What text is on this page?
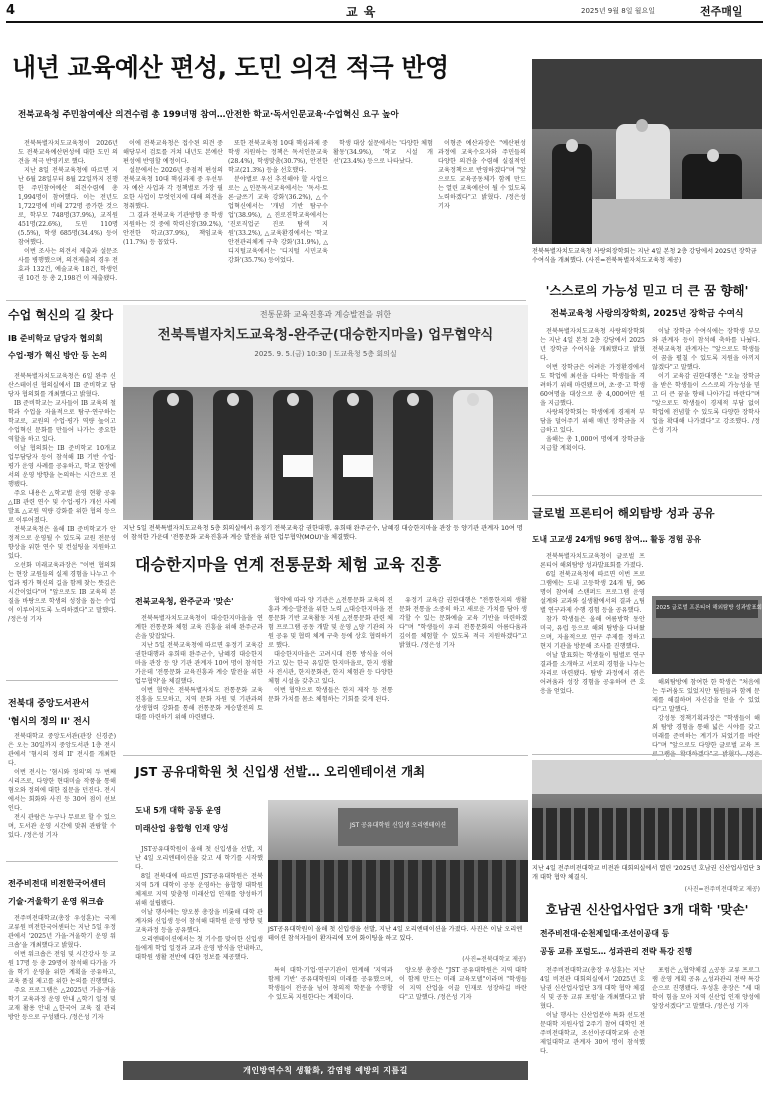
4	교 육	2025년 9월 8일 월요일	전주매일
내년 교육예산 편성, 도민 의견 적극 반영
전북교육청 주민참여예산 의견수렴 총 199녀명 참여…안전한 학교·독서인문교육·수업혁신 요구 높아

전북특별자치도교육청이 2026년도 전북교육예산편성에 대한 도민 의견을 적극 반영키로 했다.

지난 8일 전북교육청에 따르면 지난 6월 28일부터 8월 22일까지 진행한 주민참여예산 의견수렴에 총 1,994명이 참여했다. 이는 전년도 1,722명에 비해 272명 증가한 것으로, 학부모 748명(37.9%), 교직원 451명(22.6%), 도민 110명(5.5%), 학생 685명(34.4%) 등이 참여했다.

이번 조사는 의견서 제출과 설문조사를 병행했으며, 의견제출의 경우 전효과 132건, 예술교육 18건, 학생인권 10건 등 총 2,198건 이 제출됐다.

이에 전북교육청은 접수된 의견 중 해당부서 검토를 거쳐 내년도 본예산 편성에 반영할 예정이다.

설문에서는 2026년 중점적 편성의 전북교육청 10대 핵심과제 중 우선투자 예산 사업과 각 정책별로 가장 필요한 사업이 무엇인지에 대해 의견을 청취했다.

그 결과 전북교육 기관방향 중 학생 지원하는 것 중에 학력신장(39.2%), 안전한 학교(37.9%), 책임교육(11.7%) 등 꼽았다.

또한 전북교육청 10대 핵심과제 중 학생 지원하는 정책은 독서인문교육(28.4%), 학생맞춤(30.7%), 안전한 학교(21.3%) 등을 선호했다.

분야별로 우선 추진해야 할 사업으로는 △인문독서교육에서는 '독서·토론·글쓰기 교육 강화'(36.2%), △수업혁신에서는 '개념 기반 탐구수업'(38.9%), △진로진학교육에서는 '진로직업군 진로 탐색 지원'(33.2%), △교육환경에서는 '학교 안전관리체계 구축 강화'(31.9%), △디지털교육에서는 '디지털 시민교육 강화'(35.7%) 등이었다.

학생 대상 설문에서는 '다양한 체험활동'(34.9%), '학교 시설 개선'(23.4%) 등으로 나타났다.

이형준 예산과장은 "예산편성 과정에 교육수요자와 주민들의 다양한 의견을 수렴해 실질적인 교육정책으로 반영하겠다"며 "앞으로도 교육공동체가 함께 만드는 열린 교육예산이 될 수 있도록 노력하겠다"고 밝혔다. /정은성 기자

전북특별자치도교육청 사랑의장학회는 지난 4일 본청 2층 강당에서 2025년 장학금 수여식을 개최했다. (사진=전북특별자치도교육청 제공)
'스스로의 가능성 믿고 더 큰 꿈 향해'
전북교육청 사랑의장학회, 2025년 장학금 수여식

전북특별자치도교육청 사랑의장학회는 지난 4일 본청 2층 강당에서 2025년 장학금 수여식을 개최했다고 밝혔다.

이번 장학금은 어려운 가정환경에서도 학업에 최선을 다하는 학생들을 격려하기 위해 마련됐으며, 초·중·고 학생 60여명을 대상으로 총 4,000여만 원을 지급했다.

사랑의장학회는 학생에게 경제적 부담을 덜어주기 위해 매년 장학금을 지급하고 있다.

올해는 총 1,000여 명에게 장학금을 지급할 계획이다.

이날 장학금 수여식에는 장학생 부모와 관계자 등이 참석해 축하를 나눴다. 전북교육청 관계자는 "앞으로도 학생들이 꿈을 펼칠 수 있도록 지원을 아끼지 않겠다"고 말했다.

이기 교육감 권한대행은 "오늘 장학금을 받은 학생들이 스스로의 가능성을 믿고 더 큰 꿈을 향해 나아가길 바란다"며 "앞으로도 학생들이 경제적 부담 없이 학업에 전념할 수 있도록 다양한 장학사업을 확대해 나가겠다"고 강조했다. /정은성 기자

수업 혁신의 길 찾다
IB 준비학교 담당자 협의회
수업·평가 혁신 방안 등 논의

전북특별자치도교육청은 6일 완주 신산스테이션 협의실에서 IB 준비학교 담당자 협의회를 개최했다고 밝혔다.

IB 준비학교는 교사들이 IB 교육의 철학과 수업을 자율적으로 탐구·연구하는 학교로, 교원의 수업·평가 역량 높이고 수업혁신 문화를 만들어 나가는 중요한 역할을 하고 있다.

이날 협의회는 IB 준비학교 10개교 업무담당자 등이 참석해 IB 기반 수업·평가 운영 사례를 공유하고, 학교 현장에서의 운영 방향을 논의하는 시간으로 진행됐다.

주요 내용은 △학교별 운영 현황 공유 △IB 관련 연수 및 수업·평가 개선 사례 발표 △교원 역량 강화를 위한 협의 등으로 이루어졌다.

전북교육청은 올해 IB 준비학교가 안정적으로 운영될 수 있도록 교원 전문성 향상을 위한 연수 및 컨설팅을 지원하고 있다.

오선화 미래교육과장은 "이번 협의회는 현장 교원들의 실제 경험을 나누고 수업과 평가 혁신의 길을 함께 찾는 뜻깊은 시간이었다"며 "앞으로도 IB 교육의 본질을 바탕으로 학생의 성장을 돕는 수업이 이루어지도록 노력하겠다"고 말했다. /정은성 기자

전통문화 교육진흥과 계승발전을 위한
전북특별자치도교육청-완주군(대승한지마을) 업무협약식
2025. 9. 5.(금) 10:30 | 도교육청 5층 회의실
지난 5일 전북특별자치도교육청 5층 회의실에서 유정기 전북교육감 권한대행, 유희태 완주군수, 남혜경 대승한지마을 관장 등 양기관 관계자 10여 명이 참석한 가운데 '전통문화 교육진흥과 계승 발전을 위한 업무협약(MOU)'을 체결했다.
대승한지마을 연계 전통문화 체험 교육 진흥
전북교육청, 완주군과 '맞손'

전북특별자치도교육청이 대승한지마을을 연계한 전통문화 체험 교육 진흥을 위해 완주군과 손을 맞잡았다.

지난 5일 전북교육청에 따르면 유정기 교육감 권한대행과 유희태 완주군수, 남혜경 대승한지마을 관장 등 양 기관 관계자 10여 명이 참석한 가운데 '전통문화 교육진흥과 계승 발전을 위한 업무협약'을 체결했다.

이번 협약은 전북특별자치도 전통문화 교육 진흥을 도모하고, 지역 문화 자원 및 기관과의 상생협력 강화를 통해 전통문화 계승발전의 토대를 마련하기 위해 마련됐다.

협약에 따라 양 기관은 △전통문화 교육의 진흥과 계승·발전을 위한 노력 △대승한지마을 전통문화 기반 교육활동 지원 △전통문화 관련 체험 프로그램 공동 개발 및 운영 △양 기관의 자원 공유 및 협력 체계 구축 등에 상호 협력하기로 했다.

대승한지마을은 고려시대 전통 방식을 이어가고 있는 한국 유일한 한지마을로, 한지 생활사 전시관, 한지문화관, 한지 체험관 등 다양한 체험 시설을 갖추고 있다.

이번 협약으로 학생들은 한지 제작 등 전통문화 가치를 몸소 체험하는 기회를 갖게 된다.

유정기 교육감 권한대행은 "전통한지의 생활문화 전통을 소중히 하고 새로운 가치를 담아 생각할 수 있는 문화예술 교육 기반을 마련하겠다"며 "학생들이 우리 전통문화의 아름다움과 깊이를 체험할 수 있도록 적극 지원하겠다"고 밝혔다. /정은성 기자

글로벌 프론티어 해외탐방 성과 공유
도내 고교생 24개팀 96명 참여… 활동 경험 공유

전북특별자치도교육청이 글로벌 프론티어 해외탐방 성과발표회를 가졌다.

6일 전북교육청에 따르면 이번 프로그램에는 도내 고등학생 24개 팀, 96명이 참여해 스탠퍼드 프로그램 운영 설계와 교과와 실생활에서의 결과 △팀별 연구과제 수행 경험 등을 공유했다.

참가 학생들은 올해 여름방학 동안 미국, 유럽 등으로 해외 탐방을 다녀왔으며, 자율적으로 연구 주제를 정하고 현지 기관을 방문해 조사를 진행했다.

이날 발표회는 학생들이 팀별로 연구 결과를 소개하고 서로의 경험을 나누는 자리로 마련됐다. 탐방 과정에서 겪은 어려움과 성장 경험을 공유하며 큰 호응을 얻었다.

2025 글로벌 프론티어 해외탐방 성과발표회

해외탐방에 참여한 한 학생은 "처음에는 두려움도 있었지만 팀원들과 함께 문제를 해결하며 자신감을 얻을 수 있었다"고 말했다.

강성동 정책기획과장은 "학생들이 해외 탐방 경험을 통해 넓은 시야를 갖고 미래를 준비하는 계기가 되었기를 바란다"며 "앞으로도 다양한 글로벌 교육 프로그램을 확대하겠다"고 밝혔다. /정은

전북대 중앙도서관서
'혐시의 정의 II' 전시

전북대학교 중앙도서관(관장 신경준)은 오는 30일까지 중앙도서관 1층 전시관에서 '혐시의 정의 II' 전시를 개최한다.

이번 전시는 '혐시와 정의'의 두 번째 시리즈로, 다양한 현대미술 작품을 통해 혐오와 정의에 대한 질문을 던진다. 전시에서는 회화와 사진 등 30여 점이 선보인다.

전시 관람은 누구나 무료로 할 수 있으며, 도서관 운영 시간에 맞춰 관람할 수 있다. /정은성 기자

전주비전대 비전한국어센터
기술·겨울학기 운영 워크숍

전주비전대학교(총장 우성훈)는 국제교류원 비전한국어센터는 지난 5일 우정관에서 '2025년 가을·겨울학기 운영 워크숍'을 개최했다고 밝혔다.

이번 워크숍은 전임 및 시간강사 등 교원 17명 등 총 29명이 참석해 다가올 가을 학기 운영을 위한 계획을 공유하고, 교육 품질 제고를 위한 논의를 진행했다.

주요 프로그램은 △2025년 가을·겨울학기 교육과정 운영 안내 △학기 일정 및 교재 활용 안내 △한국어 교육 질 관리 방안 등으로 구성됐다. /정은성 기자

JST 공유대학원 첫 신입생 선발… 오리엔테이션 개최
도내 5개 대학 공동 운영
미래산업 융합형 인재 양성

JST공유대학원이 올해 첫 신입생을 선발, 지난 4일 오리엔테이션을 갖고 새 학기를 시작했다.

8일 전북대에 따르면 JST공유대학원은 전북 지역 5개 대학이 공동 운영하는 융합형 대학원 체제로 지역 맞춤형 미래산업 인재를 양성하기 위해 설립됐다.

이날 행사에는 양오봉 총장을 비롯해 대학 관계자와 신입생 등이 참석해 대학원 운영 방향 및 교육과정 등을 공유했다.

오리엔테이션에서는 첫 기수를 맞이한 신입생들에게 학업 일정과 교과 운영 방식을 안내하고, 대학원 생활 전반에 대한 정보를 제공했다.

JST 공유대학원 신입생 오리엔테이션
JST공유대학원이 올해 첫 신입생을 선발, 지난 4일 오리엔테이션을 가졌다. 사진은 이날 오리엔테이션 참석자들이 환자리에 모여 화이팅을 하고 있다.
(사진=전북대학교 제공)

특히 대학·기업·연구기관이 연계해 '지역과 함께 기반' 공유대학원의 미래를 공유했으며, 학생들이 전공을 넘어 창의적 학문을 수행할 수 있도록 지원한다는 계획이다.

양오봉 총장은 "JST 공유대학원은 지역 대학이 함께 만드는 미래 교육모델"이라며 "학생들이 지역 산업을 이끌 인재로 성장하길 바란다"고 말했다. /정은성 기자

개인방역수칙 생활화, 감염병 예방의 지름길
지난 4일 전주비전대학교 비전관 대회의실에서 열린 '2025년 호남권 신산업사업단 3개 대학 협약 체결식.
(사진=전주비전대학교 제공)
호남권 신산업사업단 3개 대학 '맞손'
전주비전대·순천제일대·조선이공대 등
공동 교류 포럼도… 성과관리 전략 특강 진행

전주비전대학교(총장 우성훈)는 지난 4일 비전관 대회의실에서 '2025년 호남권 신산업사업단 3개 대학 협약 체결식 및 공동 교류 포럼'을 개최했다고 밝혔다.

이날 행사는 신산업분야 특화 선도전문대학 지원사업 2주기 참여 대학인 전주비전대학교, 조선이공대학교와 순천제일대학교 관계자 30여 명이 참석했다.

포럼은 △협약체결 △공동 교류 프로그램 운영 계획 공유 △성과관리 전략 특강 순으로 진행됐다. 우성훈 총장은 "세 대학이 힘을 모아 지역 신산업 인재 양성에 앞장서겠다"고 말했다. /정은성 기자
